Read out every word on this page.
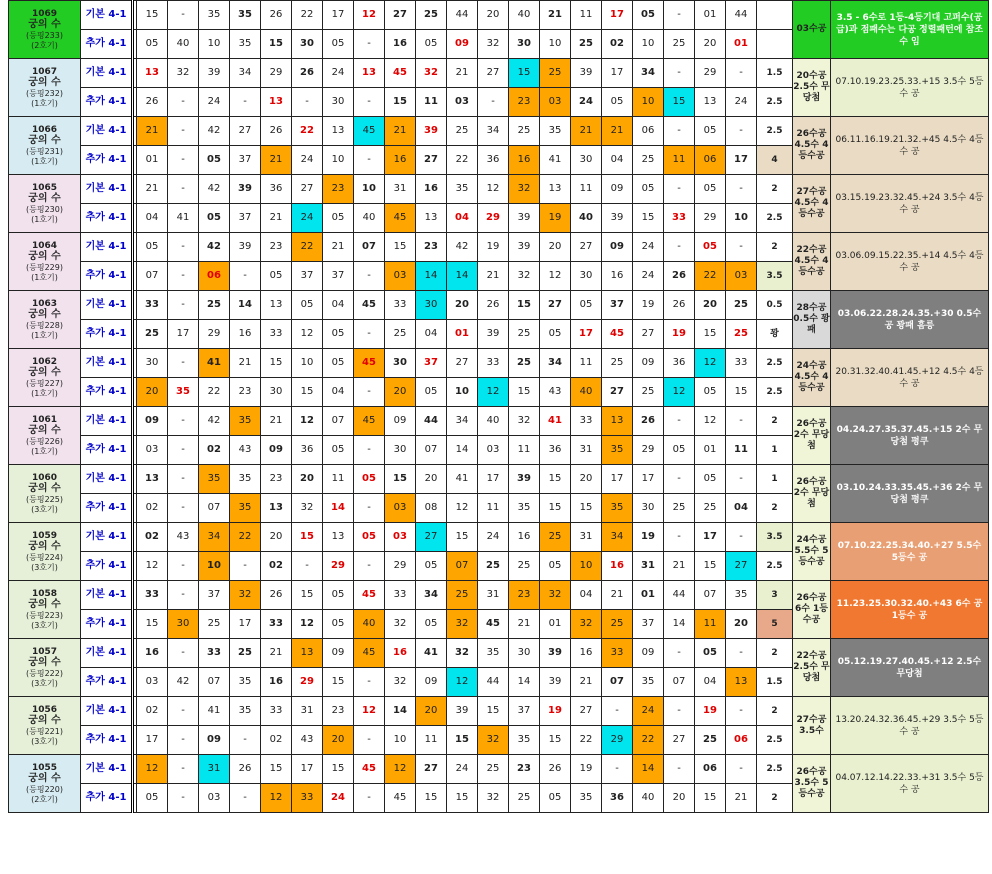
1069
궁의 수
(등핑233)
(2호기)	기본 4-1		15	-	35	35	26	22	17	12	27	25	44	20	40	21	11	17	05	-	01	44		03수공	3.5 - 6수로 1등-4등기대 고퍼수(공급)과 점패수는 다공 정렬패턴에 참조수 임
	추가 4-1		05	40	10	35	15	30	05	-	16	05	09	32	30	10	25	02	10	25	20	01			

1067
궁의 수
(등핑232)
(1호기)	기본 4-1		13	32	39	34	29	26	24	13	45	32	21	27	15	25	39	17	34	-	29	-	1.5	20수공 2.5수 무당첨	07.10.19.23.25.33.+15 3.5수 5등수 공
	추가 4-1		26	-	24	-	13	-	30	-	15	11	03	-	23	03	24	05	10	15	13	24	2.5		

1066
궁의 수
(등핑231)
(1호기)	기본 4-1		21	-	42	27	26	22	13	45	21	39	25	34	25	35	21	21	06	-	05	-	2.5	26수공 4.5수 4등수공	06.11.16.19.21.32.+45 4.5수 4등수 공
	추가 4-1		01	-	05	37	21	24	10	-	16	27	22	36	16	41	30	04	25	11	06	17	4		

1065
궁의 수
(등핑230)
(1호기)	기본 4-1		21	-	42	39	36	27	23	10	31	16	35	12	32	13	11	09	05	-	05	-	2	27수공 4.5수 4등수공	03.15.19.23.32.45.+24 3.5수 4등수 공
	추가 4-1		04	41	05	37	21	24	05	40	45	13	04	29	39	19	40	39	15	33	29	10	2.5		

1064
궁의 수
(등핑229)
(1호기)	기본 4-1		05	-	42	39	23	22	21	07	15	23	42	19	39	20	27	09	24	-	05	-	2	22수공 4.5수 4등수공	03.06.09.15.22.35.+14 4.5수 4등수 공
	추가 4-1		07	-	06	-	05	37	37	-	03	14	14	21	32	12	30	16	24	26	22	03	3.5		

1063
궁의 수
(등핑228)
(1호기)	기본 4-1		33	-	25	14	13	05	04	45	33	30	20	26	15	27	05	37	19	26	20	25	0.5	28수공 0.5수 꽝패	03.06.22.28.24.35.+30 0.5수공 꽝패 흠릉
	추가 4-1		25	17	29	16	33	12	05	-	25	04	01	39	25	05	17	45	27	19	15	25	꽝		

1062
궁의 수
(등핑227)
(1호기)	기본 4-1		30	-	41	21	15	10	05	45	30	37	27	33	25	34	11	25	09	36	12	33	2.5	24수공 4.5수 4등수공	20.31.32.40.41.45.+12 4.5수 4등수 공
	추가 4-1		20	35	22	23	30	15	04	-	20	05	10	12	15	43	40	27	25	12	05	15	2.5		

1061
궁의 수
(등핑226)
(1호기)	기본 4-1		09	-	42	35	21	12	07	45	09	44	34	40	32	41	33	13	26	-	12	-	2	26수공 2수 무당첨	04.24.27.35.37.45.+15 2수 무당첨 평쿠
	추가 4-1		03	-	02	43	09	36	05	-	30	07	14	03	11	36	31	35	29	05	01	11	1		

1060
궁의 수
(등핑225)
(3호기)	기본 4-1		13	-	35	35	23	20	11	05	15	20	41	17	39	15	20	17	17	-	05	-	1	26수공 2수 무당첨	03.10.24.33.35.45.+36 2수 무당첨 평쿠
	추가 4-1		02	-	07	35	13	32	14	-	03	08	12	11	35	15	15	35	30	25	25	04	2		

1059
궁의 수
(등핑224)
(3호기)	기본 4-1		02	43	34	22	20	15	13	05	03	27	15	24	16	25	31	34	19	-	17	-	3.5	24수공 5.5수 5등수공	07.10.22.25.34.40.+27 5.5수 5등수 공
	추가 4-1		12	-	10	-	02	-	29	-	29	05	07	25	25	05	10	16	31	21	15	27	2.5		

1058
궁의 수
(등핑223)
(3호기)	기본 4-1		33	-	37	32	26	15	05	45	33	34	25	31	23	32	04	21	01	44	07	35	3	26수공 6수 1등수공	11.23.25.30.32.40.+43 6수 공 1등수 공
	추가 4-1		15	30	25	17	33	12	05	40	32	05	32	45	21	01	32	25	37	14	11	20	5		

1057
궁의 수
(등핑222)
(3호기)	기본 4-1		16	-	33	25	21	13	09	45	16	41	32	35	30	39	16	33	09	-	05	-	2	22수공 2.5수 무당첨	05.12.19.27.40.45.+12 2.5수 무당첨
	추가 4-1		03	42	07	35	16	29	15	-	32	09	12	44	14	39	21	07	35	07	04	13	1.5		

1056
궁의 수
(등핑221)
(3호기)	기본 4-1		02	-	41	35	33	31	23	12	14	20	39	15	37	19	27	-	24	-	19	-	2	27수공 3.5수	13.20.24.32.36.45.+29 3.5수 5등수 공
	추가 4-1		17	-	09	-	02	43	20	-	10	11	15	32	35	15	22	29	22	27	25	06	2.5		

1055
궁의 수
(등핑220)
(2호기)	기본 4-1		12	-	31	26	15	17	15	45	12	27	24	25	23	26	19	-	14	-	06	-	2.5	26수공 3.5수 5등수공	04.07.12.14.22.33.+31 3.5수 5등수 공
	추가 4-1		05	-	03	-	12	33	24	-	45	15	15	32	25	05	35	36	40	20	15	21	2		
